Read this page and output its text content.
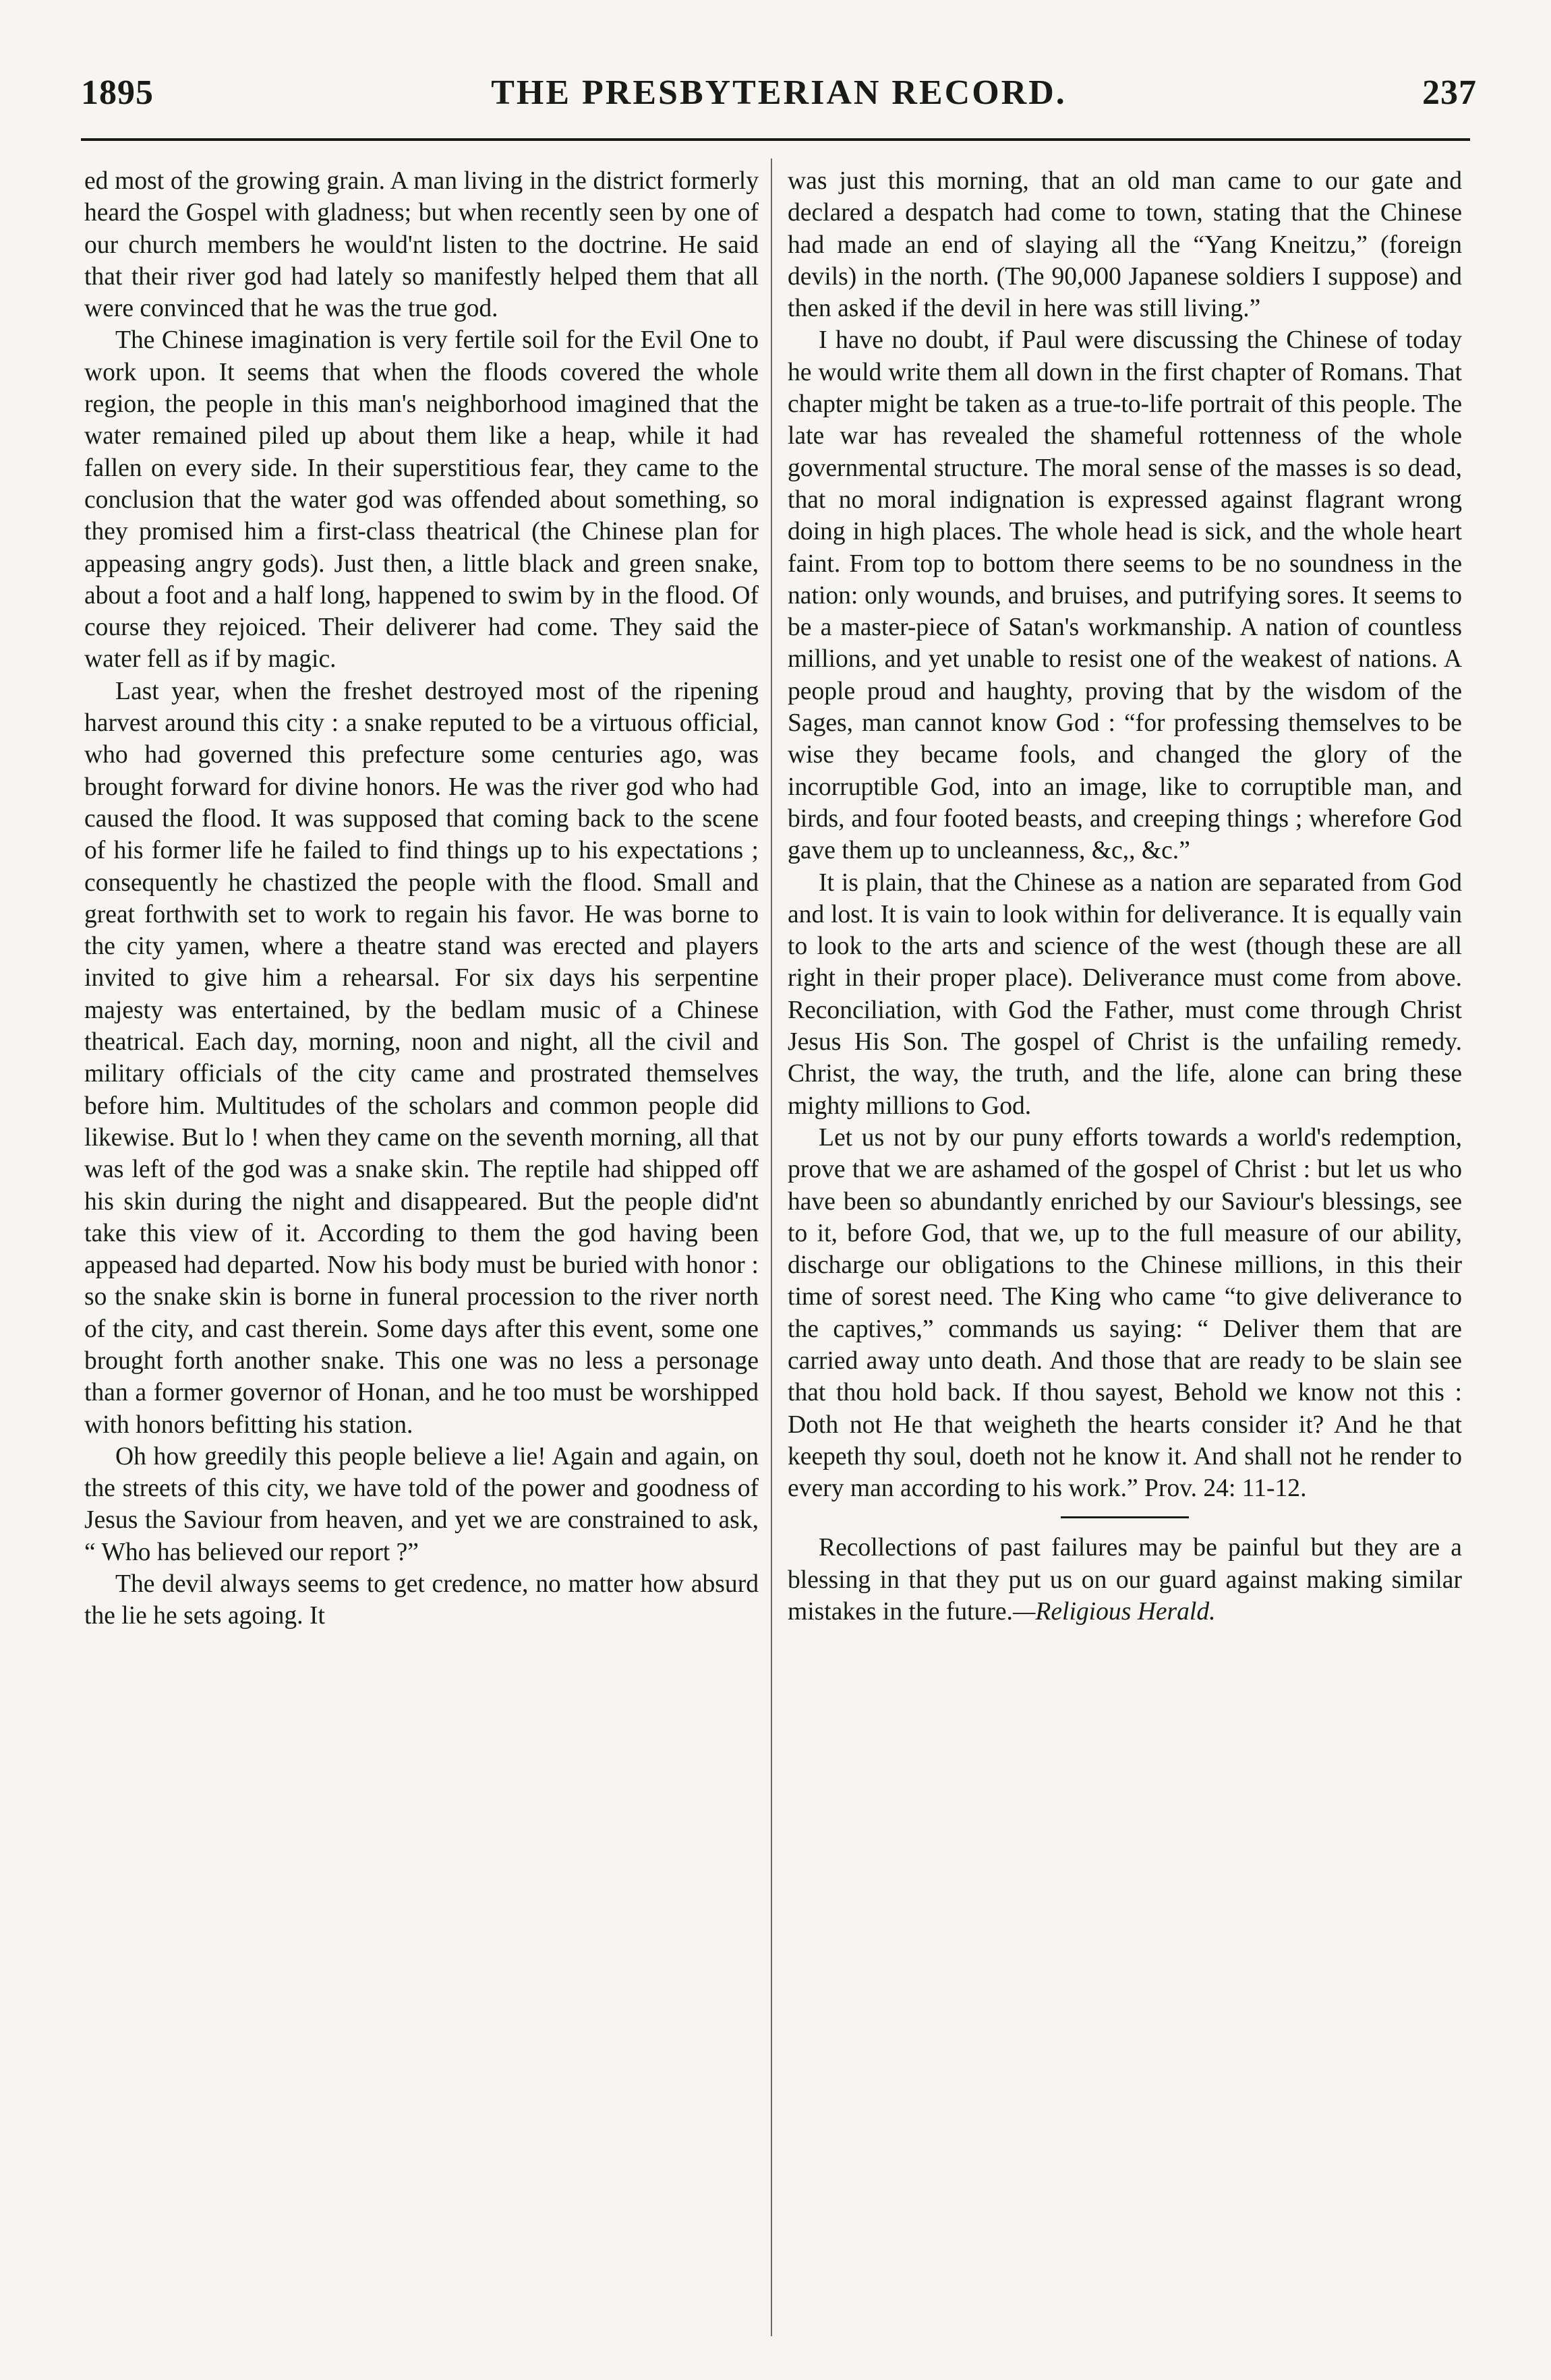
1895	THE PRESBYTERIAN RECORD.	237

ed most of the growing grain. A man living in the district formerly heard the Gospel with gladness; but when recently seen by one of our church members he would'nt listen to the doctrine. He said that their river god had lately so manifestly helped them that all were convinced that he was the true god.

The Chinese imagination is very fertile soil for the Evil One to work upon. It seems that when the floods covered the whole region, the people in this man's neighborhood imagined that the water remained piled up about them like a heap, while it had fallen on every side. In their superstitious fear, they came to the conclusion that the water god was offended about something, so they promised him a first-class theatrical (the Chinese plan for appeasing angry gods). Just then, a little black and green snake, about a foot and a half long, happened to swim by in the flood. Of course they rejoiced. Their deliverer had come. They said the water fell as if by magic.

Last year, when the freshet destroyed most of the ripening harvest around this city : a snake reputed to be a virtuous official, who had governed this prefecture some centuries ago, was brought forward for divine honors. He was the river god who had caused the flood. It was supposed that coming back to the scene of his former life he failed to find things up to his expectations ; consequently he chastized the people with the flood. Small and great forthwith set to work to regain his favor. He was borne to the city yamen, where a theatre stand was erected and players invited to give him a rehearsal. For six days his serpentine majesty was entertained, by the bedlam music of a Chinese theatrical. Each day, morning, noon and night, all the civil and military officials of the city came and prostrated themselves before him. Multitudes of the scholars and common people did likewise. But lo ! when they came on the seventh morning, all that was left of the god was a snake skin. The reptile had shipped off his skin during the night and disappeared. But the people did'nt take this view of it. According to them the god having been appeased had departed. Now his body must be buried with honor : so the snake skin is borne in funeral procession to the river north of the city, and cast therein. Some days after this event, some one brought forth another snake. This one was no less a personage than a former governor of Honan, and he too must be worshipped with honors befitting his station.

Oh how greedily this people believe a lie! Again and again, on the streets of this city, we have told of the power and goodness of Jesus the Saviour from heaven, and yet we are constrained to ask, “ Who has believed our report ?”

The devil always seems to get credence, no matter how absurd the lie he sets agoing. It

was just this morning, that an old man came to our gate and declared a despatch had come to town, stating that the Chinese had made an end of slaying all the “Yang Kneitzu,” (foreign devils) in the north. (The 90,000 Japanese soldiers I suppose) and then asked if the devil in here was still living.”

I have no doubt, if Paul were discussing the Chinese of today he would write them all down in the first chapter of Romans. That chapter might be taken as a true-to-life portrait of this people. The late war has revealed the shameful rottenness of the whole governmental structure. The moral sense of the masses is so dead, that no moral indignation is expressed against flagrant wrong doing in high places. The whole head is sick, and the whole heart faint. From top to bottom there seems to be no soundness in the nation: only wounds, and bruises, and putrifying sores. It seems to be a master-piece of Satan's workmanship. A nation of countless millions, and yet unable to resist one of the weakest of nations. A people proud and haughty, proving that by the wisdom of the Sages, man cannot know God : “for professing themselves to be wise they became fools, and changed the glory of the incorruptible God, into an image, like to corruptible man, and birds, and four footed beasts, and creeping things ; wherefore God gave them up to uncleanness, &c,, &c.”

It is plain, that the Chinese as a nation are separated from God and lost. It is vain to look within for deliverance. It is equally vain to look to the arts and science of the west (though these are all right in their proper place). Deliverance must come from above. Reconciliation, with God the Father, must come through Christ Jesus His Son. The gospel of Christ is the unfailing remedy. Christ, the way, the truth, and the life, alone can bring these mighty millions to God.

Let us not by our puny efforts towards a world's redemption, prove that we are ashamed of the gospel of Christ : but let us who have been so abundantly enriched by our Saviour's blessings, see to it, before God, that we, up to the full measure of our ability, discharge our obligations to the Chinese millions, in this their time of sorest need. The King who came “to give deliverance to the captives,” commands us saying: “ Deliver them that are carried away unto death. And those that are ready to be slain see that thou hold back. If thou sayest, Behold we know not this : Doth not He that weigheth the hearts consider it? And he that keepeth thy soul, doeth not he know it. And shall not he render to every man according to his work.” Prov. 24: 11-12.

Recollections of past failures may be painful but they are a blessing in that they put us on our guard against making similar mistakes in the future.—Religious Herald.
